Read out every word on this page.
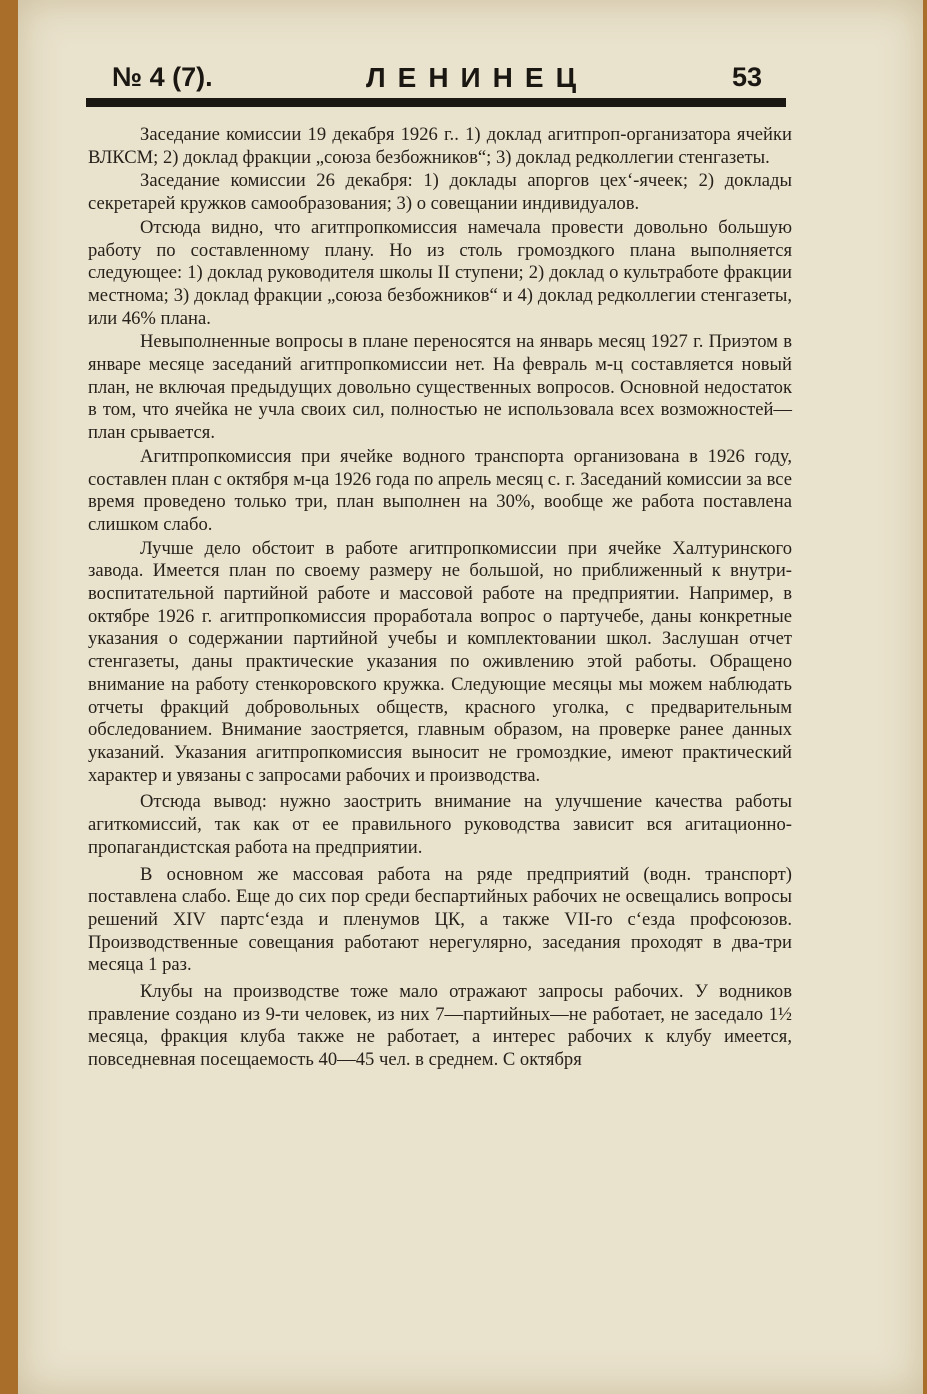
№ 4 (7).	ЛЕНИНЕЦ	53

Заседание комиссии 19 декабря 1926 г.. 1) доклад агитпроп-организатора ячейки ВЛКСМ; 2) доклад фракции „союза безбожников“; 3) доклад редколлегии стенгазеты.

Заседание комиссии 26 декабря: 1) доклады апоргов цех‘-ячеек; 2) доклады секретарей кружков самообразования; 3) о совещании индивидуалов.

Отсюда видно, что агитпропкомиссия намечала провести довольно большую работу по составленному плану. Но из столь громоздкого плана выполняется следующее: 1) доклад руководителя школы II ступени; 2) доклад о культработе фракции местнома; 3) доклад фракции „союза безбожников“ и 4) доклад редколлегии стенгазеты, или 46% плана.

Невыполненные вопросы в плане переносятся на январь месяц 1927 г. Приэтом в январе месяце заседаний агитпропкомиссии нет. На февраль м-ц составляется новый план, не включая предыдущих довольно существенных вопросов. Основной недостаток в том, что ячейка не учла своих сил, полностью не использовала всех возможностей—план срывается.

Агитпропкомиссия при ячейке водного транспорта организована в 1926 году, составлен план с октября м-ца 1926 года по апрель месяц с. г. Заседаний комиссии за все время проведено только три, план выполнен на 30%, вообще же работа поставлена слишком слабо.

Лучше дело обстоит в работе агитпропкомиссии при ячейке Халтуринского завода. Имеется план по своему размеру не большой, но приближенный к внутри-воспитательной партийной работе и массовой работе на предприятии. Например, в октябре 1926 г. агитпропкомиссия проработала вопрос о партучебе, даны конкретные указания о содержании партийной учебы и комплектовании школ. Заслушан отчет стенгазеты, даны практические указания по оживлению этой работы. Обращено внимание на работу стенкоровского кружка. Следующие месяцы мы можем наблюдать отчеты фракций добровольных обществ, красного уголка, с предварительным обследованием. Внимание заостряется, главным образом, на проверке ранее данных указаний. Указания агитпропкомиссия выносит не громоздкие, имеют практический характер и увязаны с запросами рабочих и производства.

Отсюда вывод: нужно заострить внимание на улучшение качества работы агиткомиссий, так как от ее правильного руководства зависит вся агитационно-пропагандистская работа на предприятии.

В основном же массовая работа на ряде предприятий (водн. транспорт) поставлена слабо. Еще до сих пор среди беспартийных рабочих не освещались вопросы решений XIV партс‘езда и пленумов ЦК, а также VII-го с‘езда профсоюзов. Производственные совещания работают нерегулярно, заседания проходят в два-три месяца 1 раз.

Клубы на производстве тоже мало отражают запросы рабочих. У водников правление создано из 9-ти человек, из них 7—партийных—не работает, не заседало 1½ месяца, фракция клуба также не работает, а интерес рабочих к клубу имеется, повседневная посещаемость 40—45 чел. в среднем. С октября
